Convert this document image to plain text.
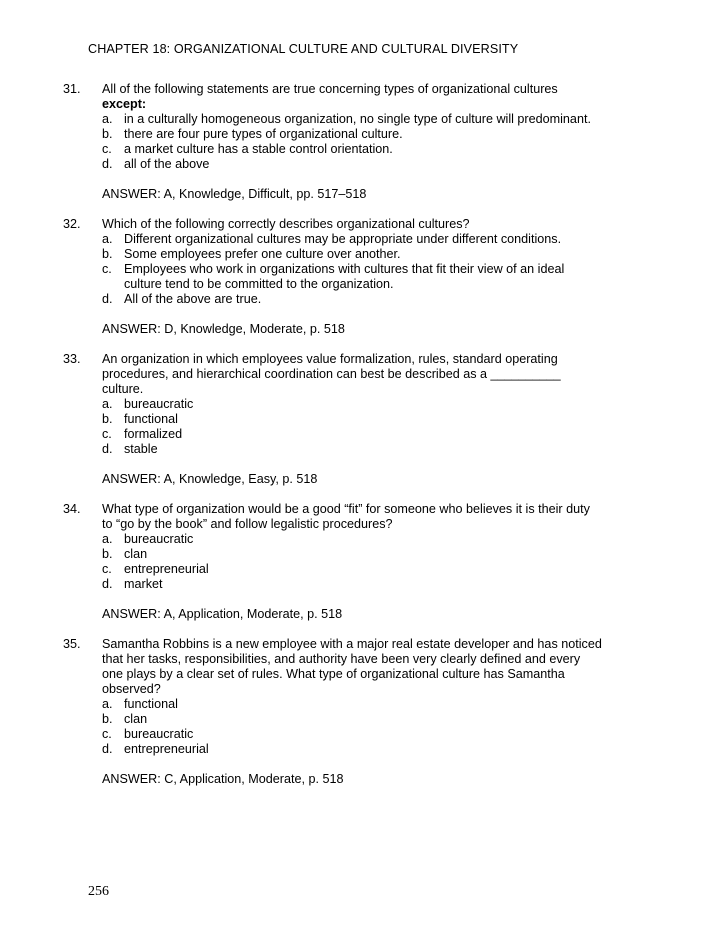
CHAPTER 18: ORGANIZATIONAL CULTURE AND CULTURAL DIVERSITY
31. All of the following statements are true concerning types of organizational cultures
except:
a. in a culturally homogeneous organization, no single type of culture will predominant.
b. there are four pure types of organizational culture.
c. a market culture has a stable control orientation.
d. all of the above
ANSWER: A, Knowledge, Difficult, pp. 517–518
32. Which of the following correctly describes organizational cultures?
a. Different organizational cultures may be appropriate under different conditions.
b. Some employees prefer one culture over another.
c. Employees who work in organizations with cultures that fit their view of an ideal culture tend to be committed to the organization.
d. All of the above are true.
ANSWER: D, Knowledge, Moderate, p. 518
33. An organization in which employees value formalization, rules, standard operating procedures, and hierarchical coordination can best be described as a __________ culture.
a. bureaucratic
b. functional
c. formalized
d. stable
ANSWER: A, Knowledge, Easy, p. 518
34. What type of organization would be a good “fit” for someone who believes it is their duty to “go by the book” and follow legalistic procedures?
a. bureaucratic
b. clan
c. entrepreneurial
d. market
ANSWER: A, Application, Moderate, p. 518
35. Samantha Robbins is a new employee with a major real estate developer and has noticed that her tasks, responsibilities, and authority have been very clearly defined and every one plays by a clear set of rules. What type of organizational culture has Samantha observed?
a. functional
b. clan
c. bureaucratic
d. entrepreneurial
ANSWER: C, Application, Moderate, p. 518
256
